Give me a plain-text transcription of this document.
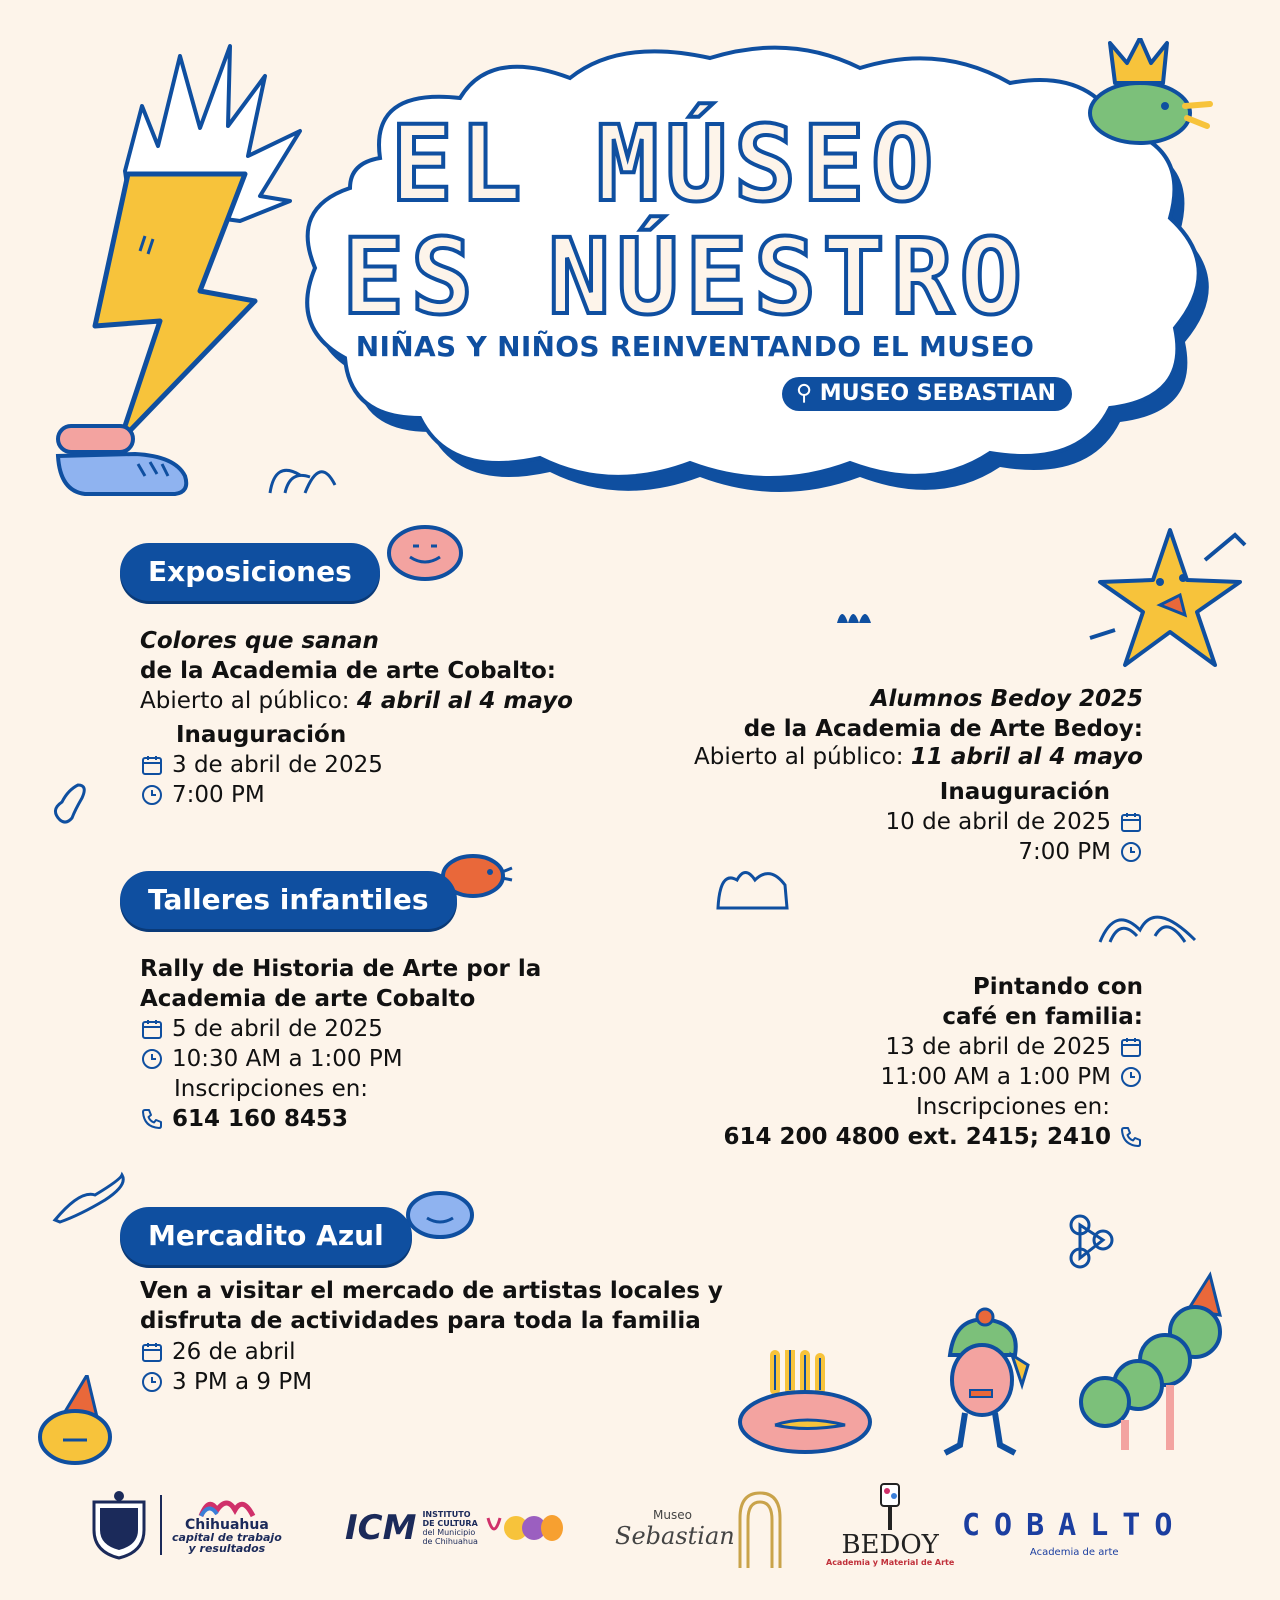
EL MÚSEO
ES NÚESTRO
NIÑAS Y NIÑOS REINVENTANDO EL MUSEO
⚲ MUSEO SEBASTIAN
Exposiciones
Colores que sanan
de la Academia de arte Cobalto:
Abierto al público: 4 abril al 4 mayo
Inauguración
3 de abril de 2025
7:00 PM
Alumnos Bedoy 2025
de la Academia de Arte Bedoy:
Abierto al público: 11 abril al 4 mayo
Inauguración
10 de abril de 2025
7:00 PM
Talleres infantiles
Rally de Historia de Arte por la
Academia de arte Cobalto
5 de abril de 2025
10:30 AM a 1:00 PM
Inscripciones en:
614 160 8453
Pintando con
café en familia:
13 de abril de 2025
11:00 AM a 1:00 PM
Inscripciones en:
614 200 4800 ext. 2415; 2410
Mercadito Azul
Ven a visitar el mercado de artistas locales y
disfruta de actividades para toda la familia
26 de abril
3 PM a 9 PM
Chihuahua
capital de trabajo
y resultados
ICM INSTITUTO
DE CULTURA
del Municipio
de Chihuahua
Museo
Sebastian	BEDOY
Academia y Material de Arte
COBALTO
Academia de arte
